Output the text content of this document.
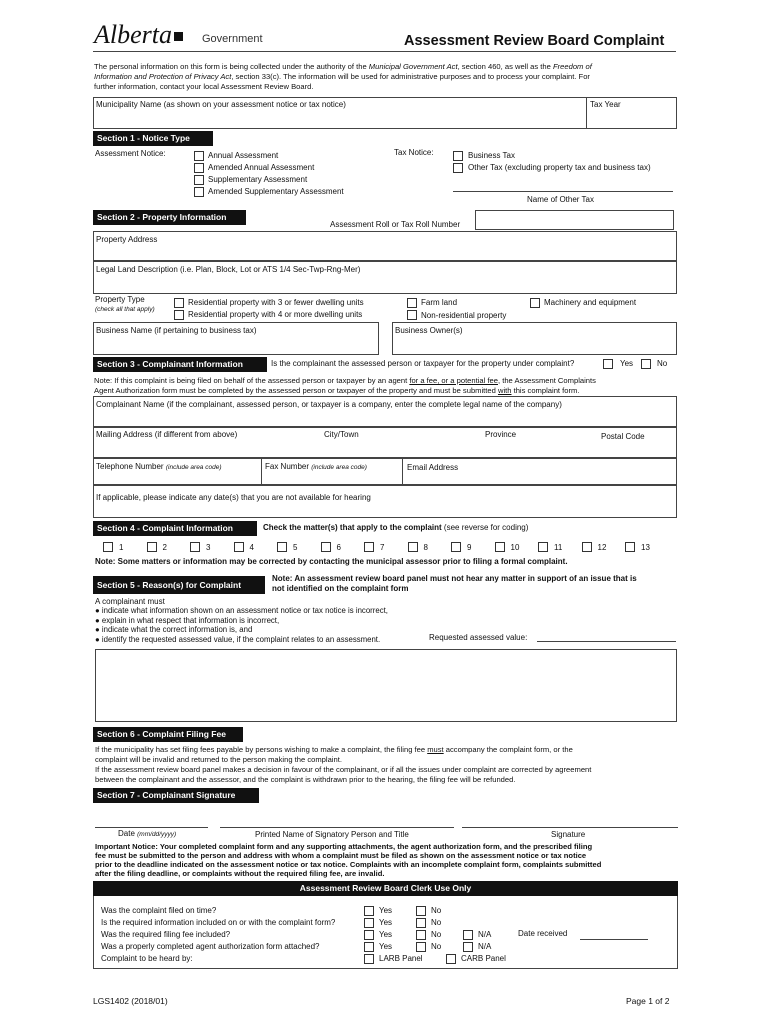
Alberta	Government	Assessment Review Board Complaint

The personal information on this form is being collected under the authority of the Municipal Government Act, section 460, as well as the Freedom of

Information and Protection of Privacy Act, section 33(c). The information will be used for administrative purposes and to process your complaint. For

further information, contact your local Assessment Review Board.

Municipality Name (as shown on your assessment notice or tax notice)	Tax Year
Section 1 - Notice Type
Assessment Notice:	Annual Assessment
Amended Annual Assessment
Supplementary Assessment
Amended Supplementary Assessment
Tax Notice:	Business Tax
Other Tax (excluding property tax and business tax)
Name of Other Tax
Section 2 - Property Information
Assessment Roll or Tax Roll Number
Property Address
Legal Land Description (i.e. Plan, Block, Lot or ATS 1/4 Sec-Twp-Rng-Mer)
Property Type
(check all that apply)
Residential property with 3 or fewer dwelling units
Residential property with 4 or more dwelling units
Farm land
Non-residential property
Machinery and equipment
Business Name (if pertaining to business tax)	Business Owner(s)
Section 3 - Complainant Information	Is the complainant the assessed person or taxpayer for the property under complaint?	Yes	No

Note: If this complaint is being filed on behalf of the assessed person or taxpayer by an agent for a fee, or a potential fee, the Assessment Complaints

Agent Authorization form must be completed by the assessed person or taxpayer of the property and must be submitted with this complaint form.

Complainant Name (if the complainant, assessed person, or taxpayer is a company, enter the complete legal name of the company)
Mailing Address (if different from above)	City/Town	Province	Postal Code
Telephone Number (include area code)	Fax Number (include area code)	Email Address
If applicable, please indicate any date(s) that you are not available for hearing
Section 4 - Complaint Information	Check the matter(s) that apply to the complaint (see reverse for coding)
1	2	3	4	5	6	7	8	9	10	11	12	13
Note: Some matters or information may be corrected by contacting the municipal assessor prior to filing a formal complaint.
Section 5 - Reason(s) for Complaint
Note: An assessment review board panel must not hear any matter in support of an issue that is
not identified on the complaint form
A complainant must

● indicate what information shown on an assessment notice or tax notice is incorrect,

● explain in what respect that information is incorrect,

● indicate what the correct information is, and

● identify the requested assessed value, if the complaint relates to an assessment.	Requested assessed value:
Section 6 - Complaint Filing Fee

If the municipality has set filing fees payable by persons wishing to make a complaint, the filing fee must accompany the complaint form, or the

complaint will be invalid and returned to the person making the complaint.

If the assessment review board panel makes a decision in favour of the complainant, or if all the issues under complaint are corrected by agreement

between the complainant and the assessor, and the complaint is withdrawn prior to the hearing, the filing fee will be refunded.

Section 7 - Complainant Signature
Date (mm/dd/yyyy)	Printed Name of Signatory Person and Title	Signature

Important Notice: Your completed complaint form and any supporting attachments, the agent authorization form, and the prescribed filing

fee must be submitted to the person and address with whom a complaint must be filed as shown on the assessment notice or tax notice

prior to the deadline indicated on the assessment notice or tax notice. Complaints with an incomplete complaint form, complaints submitted

after the filing deadline, or complaints without the required filing fee, are invalid.

Assessment Review Board Clerk Use Only
Was the complaint filed on time?	Yes	No
Is the required information included on or with the complaint form?	Yes	No
Was the required filing fee included?	Yes	No	N/A
Was a properly completed agent authorization form attached?	Yes	No	N/A
Complaint to be heard by:	LARB Panel	CARB Panel
Date received
LGS1402 (2018/01)	Page 1 of 2
